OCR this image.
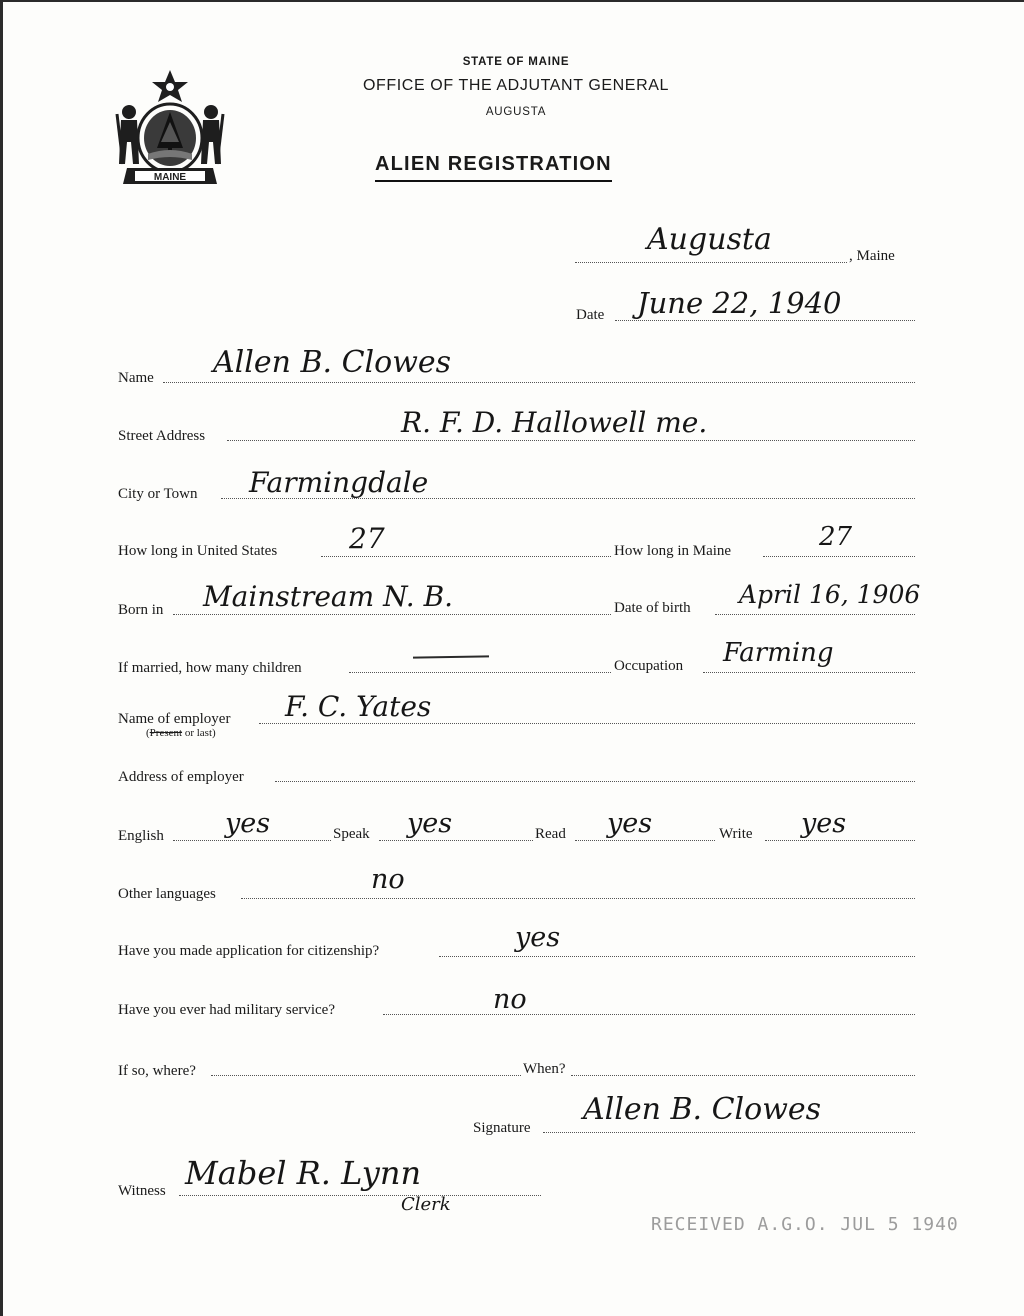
MAINE
STATE OF MAINE
OFFICE OF THE ADJUTANT GENERAL
AUGUSTA
ALIEN REGISTRATION
Augusta	, Maine
Date June 22, 1940
Name Allen B. Clowes
Street Address	R. F. D. Hallowell me.
City or Town Farmingdale
How long in United States	27	How long in Maine	27
Born in Mainstream N. B.	Date of birth April 16, 1906
If married, how many children	Occupation Farming
Name of employer F. C. Yates
(Present or last)
Address of employer
English yes	Speak yes	Read yes	Write yes
Other languages	no
Have you made application for citizenship?	yes
Have you ever had military service?	no
If so, where?	When?
Signature
Allen B. Clowes
Witness Mabel R. Lynn
Clerk
RECEIVED A.G.O. JUL 5 1940
